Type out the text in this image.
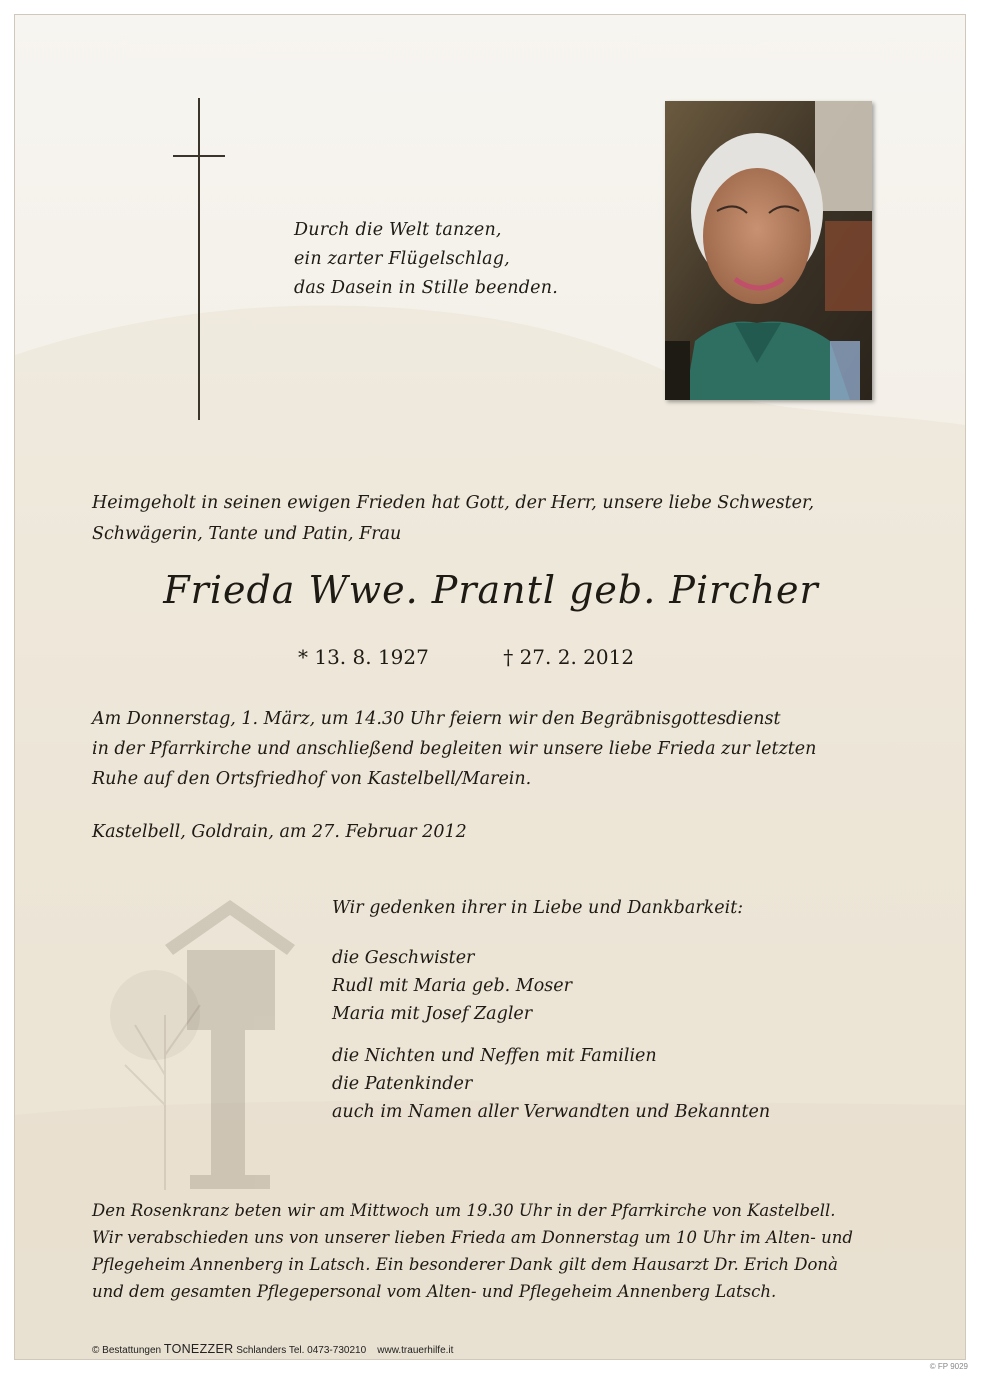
Durch die Welt tanzen,
ein zarter Flügelschlag,
das Dasein in Stille beenden.
Heimgeholt in seinen ewigen Frieden hat Gott, der Herr, unsere liebe Schwester,
Schwägerin, Tante und Patin, Frau
Frieda Wwe. Prantl geb. Pircher
* 13. 8. 1927	† 27. 2. 2012
Am Donnerstag, 1. März, um 14.30 Uhr feiern wir den Begräbnisgottesdienst
in der Pfarrkirche und anschließend begleiten wir unsere liebe Frieda zur letzten
Ruhe auf den Ortsfriedhof von Kastelbell/Marein.
Kastelbell, Goldrain, am 27. Februar 2012
Wir gedenken ihrer in Liebe und Dankbarkeit:
die Geschwister
Rudl mit Maria geb. Moser
Maria mit Josef Zagler
die Nichten und Neffen mit Familien
die Patenkinder
auch im Namen aller Verwandten und Bekannten
Den Rosenkranz beten wir am Mittwoch um 19.30 Uhr in der Pfarrkirche von Kastelbell.
Wir verabschieden uns von unserer lieben Frieda am Donnerstag um 10 Uhr im Alten- und
Pflegeheim Annenberg in Latsch. Ein besonderer Dank gilt dem Hausarzt Dr. Erich Donà
und dem gesamten Pflegepersonal vom Alten- und Pflegeheim Annenberg Latsch.
© Bestattungen TONEZZER Schlanders Tel. 0473-730210 www.trauerhilfe.it
© FP 9029
